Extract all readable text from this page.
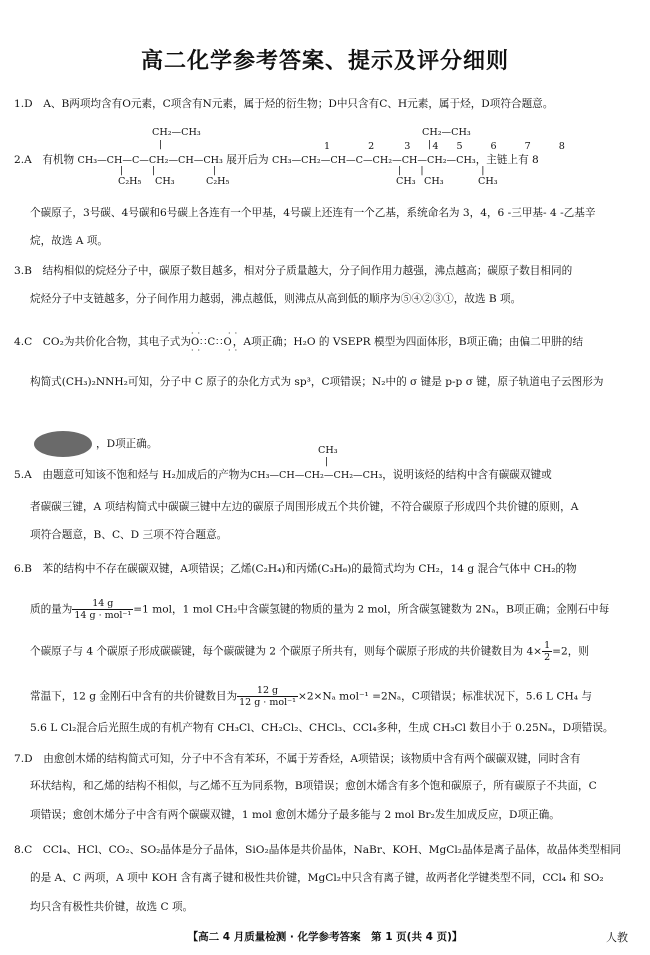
高二化学参考答案、提示及评分细则
1.D　A、B两项均含有O元素，C项含有N元素，属于烃的衍生物；D中只含有C、H元素，属于烃，D项符合题意。
CH₂—CH₃
|
|　　　|　　　　　　|
C₂H₅ CH₃	C₂H₅
CH₂—CH₃
|
1	2	3 4 5	6	7	8
|　　|　　　　　　|
CH₃ CH₃	CH₃
2.A　有机物 CH₃—CH—C—CH₂—CH—CH₃ 展开后为 CH₃—CH₂—CH—C—CH₂—CH—CH₂—CH₃，主链上有 8
个碳原子，3号碳、4号碳和6号碳上各连有一个甲基，4号碳上还连有一个乙基，系统命名为 3，4，6 -三甲基- 4 -乙基辛
烷，故选 A 项。
3.B　结构相似的烷烃分子中，碳原子数目越多，相对分子质量越大，分子间作用力越强，沸点越高；碳原子数目相同的
烷烃分子中支链越多，分子间作用力越弱，沸点越低，则沸点从高到低的顺序为⑤④②③①，故选 B 项。
4.C　CO₂为共价化合物，其电子式为
··　　··
O∷C∷O
··　　··
，A项正确；H₂O 的 VSEPR 模型为四面体形，B项正确；由偏二甲肼的结
构简式(CH₃)₂NNH₂可知，分子中 C 原子的杂化方式为 sp³，C项错误；N₂中的 σ 键是 p-p σ 键，原子轨道电子云图形为
，D项正确。
CH₃
|
5.A　由题意可知该不饱和烃与 H₂加成后的产物为CH₃—CH—CH₂—CH₂—CH₃，说明该烃的结构中含有碳碳双键或
者碳碳三键，A 项结构简式中碳碳三键中左边的碳原子周围形成五个共价键，不符合碳原子形成四个共价键的原则，A
项符合题意，B、C、D 三项不符合题意。
6.B　苯的结构中不存在碳碳双键，A项错误；乙烯(C₂H₄)和丙烯(C₃H₆)的最简式均为 CH₂，14 g 混合气体中 CH₂的物
质的量为 $\frac{14 g}{\text{14 g · mol⁻¹}} =1$ mol，1 mol CH₂中含碳氢键的物质的量为 2 mol，所含碳氢键数为 2Nₐ，B项正确；金刚石中每
个碳原子与 4 个碳原子形成碳碳键，每个碳碳键为 2 个碳原子所共有，则每个碳原子形成的共价键数目为 $4\times \frac{1}{2} =2$，则
常温下，12 g 金刚石中含有的共价键数目为 $\frac{12 g}{\text{12 g · mol⁻¹}} \times 2\times N_a$ mol⁻¹ =2Nₐ，C项错误；标准状况下，5.6 L CH₄ 与
5.6 L Cl₂混合后光照生成的有机产物有 CH₃Cl、CH₂Cl₂、CHCl₃、CCl₄多种，生成 CH₃Cl 数目小于 0.25Nₐ，D项错误。
7.D　由愈创木烯的结构简式可知，分子中不含有苯环，不属于芳香烃，A项错误；该物质中含有两个碳碳双键，同时含有
环状结构，和乙烯的结构不相似，与乙烯不互为同系物，B项错误；愈创木烯含有多个饱和碳原子，所有碳原子不共面，C
项错误；愈创木烯分子中含有两个碳碳双键，1 mol 愈创木烯分子最多能与 2 mol Br₂发生加成反应，D项正确。
8.C　CCl₄、HCl、CO₂、SO₂晶体是分子晶体，SiO₂晶体是共价晶体，NaBr、KOH、MgCl₂晶体是离子晶体，故晶体类型相同
的是 A、C 两项，A 项中 KOH 含有离子键和极性共价键，MgCl₂中只含有离子键，故两者化学键类型不同，CCl₄ 和 SO₂
均只含有极性共价键，故选 C 项。
【高二 4 月质量检测 · 化学参考答案　第 1 页(共 4 页)】	人教
